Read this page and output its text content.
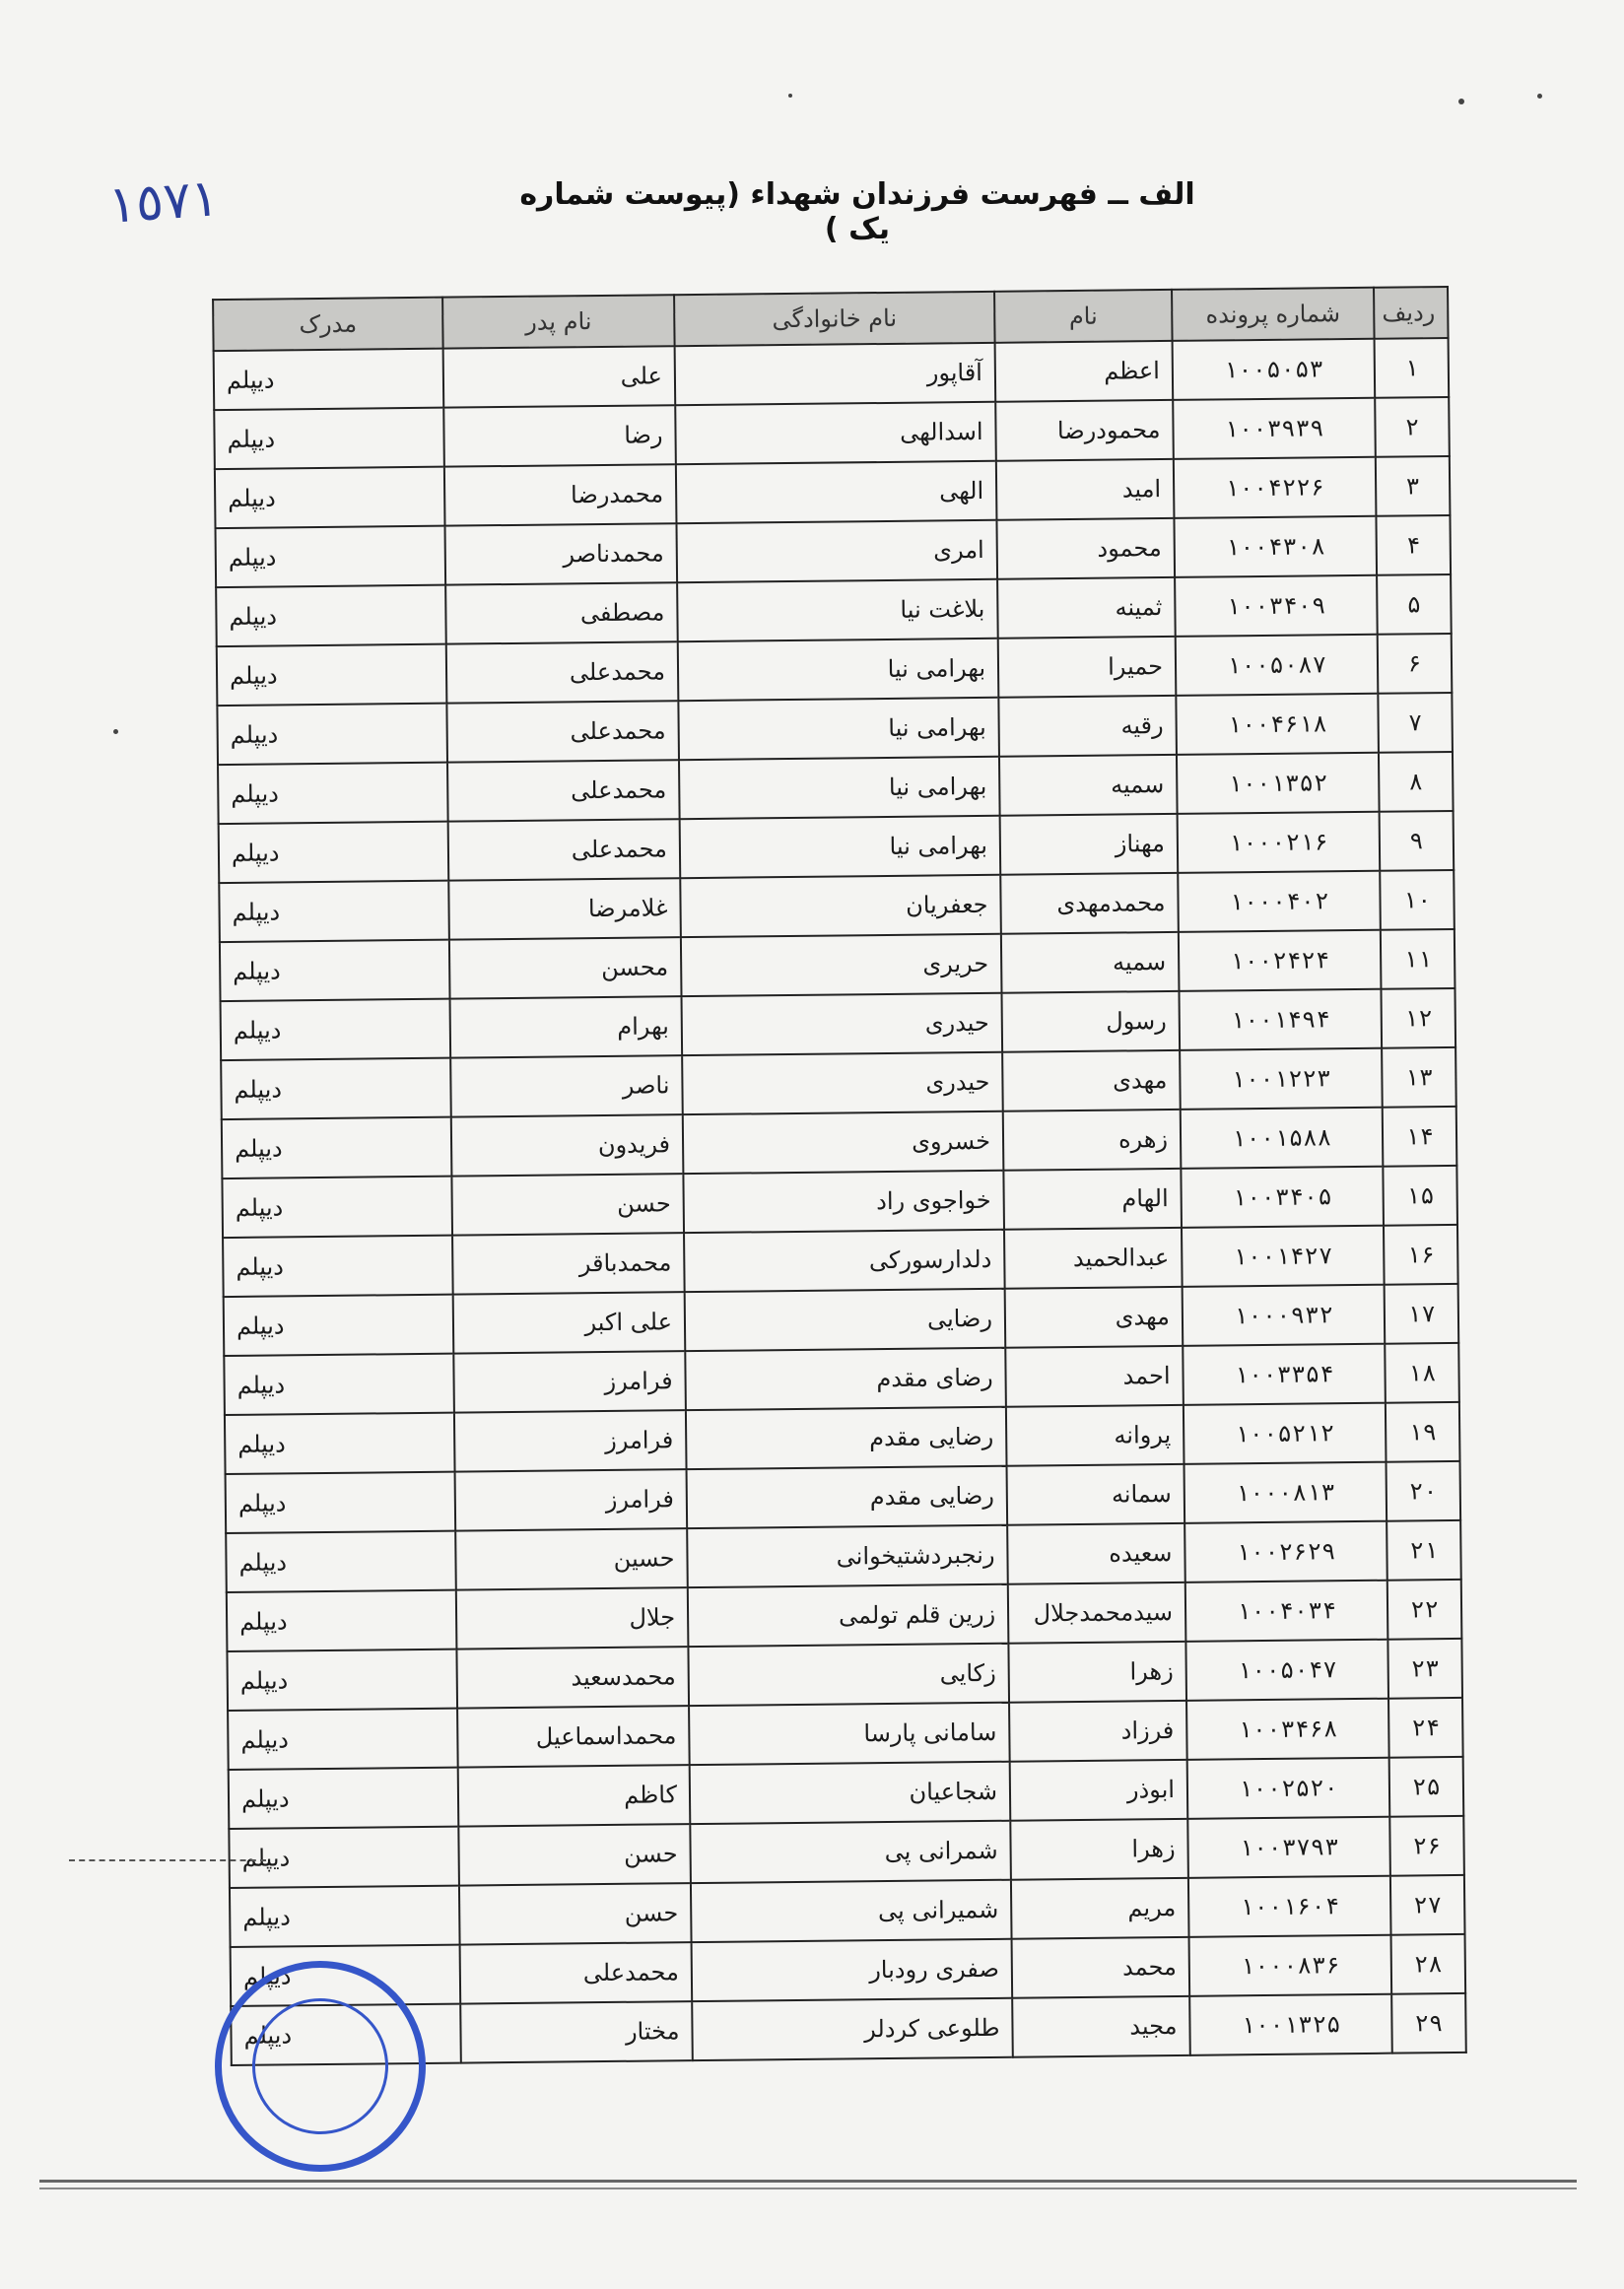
١٥٧١	الف ــ فهرست فرزندان شهداء (پیوست شماره یک )
ردیف	شماره پرونده	نام	نام خانوادگی	نام پدر	مدرک
۱	۱۰۰۵۰۵۳	اعظم	آقاپور	علی	دیپلم
۲	۱۰۰۳۹۳۹	محمودرضا	اسدالهی	رضا	دیپلم
۳	۱۰۰۴۲۲۶	امید	الهی	محمدرضا	دیپلم
۴	۱۰۰۴۳۰۸	محمود	امری	محمدناصر	دیپلم
۵	۱۰۰۳۴۰۹	ثمینه	بلاغت نیا	مصطفی	دیپلم
۶	۱۰۰۵۰۸۷	حمیرا	بهرامی نیا	محمدعلی	دیپلم
۷	۱۰۰۴۶۱۸	رقیه	بهرامی نیا	محمدعلی	دیپلم
۸	۱۰۰۱۳۵۲	سمیه	بهرامی نیا	محمدعلی	دیپلم
۹	۱۰۰۰۲۱۶	مهناز	بهرامی نیا	محمدعلی	دیپلم
۱۰	۱۰۰۰۴۰۲	محمدمهدی	جعفریان	غلامرضا	دیپلم
۱۱	۱۰۰۲۴۲۴	سمیه	حریری	محسن	دیپلم
۱۲	۱۰۰۱۴۹۴	رسول	حیدری	بهرام	دیپلم
۱۳	۱۰۰۱۲۲۳	مهدی	حیدری	ناصر	دیپلم
۱۴	۱۰۰۱۵۸۸	زهره	خسروی	فریدون	دیپلم
۱۵	۱۰۰۳۴۰۵	الهام	خواجوی راد	حسن	دیپلم
۱۶	۱۰۰۱۴۲۷	عبدالحمید	دلدارسورکی	محمدباقر	دیپلم
۱۷	۱۰۰۰۹۳۲	مهدی	رضایی	علی اکبر	دیپلم
۱۸	۱۰۰۳۳۵۴	احمد	رضای مقدم	فرامرز	دیپلم
۱۹	۱۰۰۵۲۱۲	پروانه	رضایی مقدم	فرامرز	دیپلم
۲۰	۱۰۰۰۸۱۳	سمانه	رضایی مقدم	فرامرز	دیپلم
۲۱	۱۰۰۲۶۲۹	سعیده	رنجبردشتیخوانی	حسین	دیپلم
۲۲	۱۰۰۴۰۳۴	سیدمحمدجلال	زرین قلم تولمی	جلال	دیپلم
۲۳	۱۰۰۵۰۴۷	زهرا	زکایی	محمدسعید	دیپلم
۲۴	۱۰۰۳۴۶۸	فرزاد	سامانی پارسا	محمداسماعیل	دیپلم
۲۵	۱۰۰۲۵۲۰	ابوذر	شجاعیان	کاظم	دیپلم
۲۶	۱۰۰۳۷۹۳	زهرا	شمرانی پی	حسن	دیپلم
۲۷	۱۰۰۱۶۰۴	مریم	شمیرانی پی	حسن	دیپلم
۲۸	۱۰۰۰۸۳۶	محمد	صفری رودبار	محمدعلی	دیپلم
۲۹	۱۰۰۱۳۲۵	مجید	طلوعی کردلر	مختار	دیپلم
